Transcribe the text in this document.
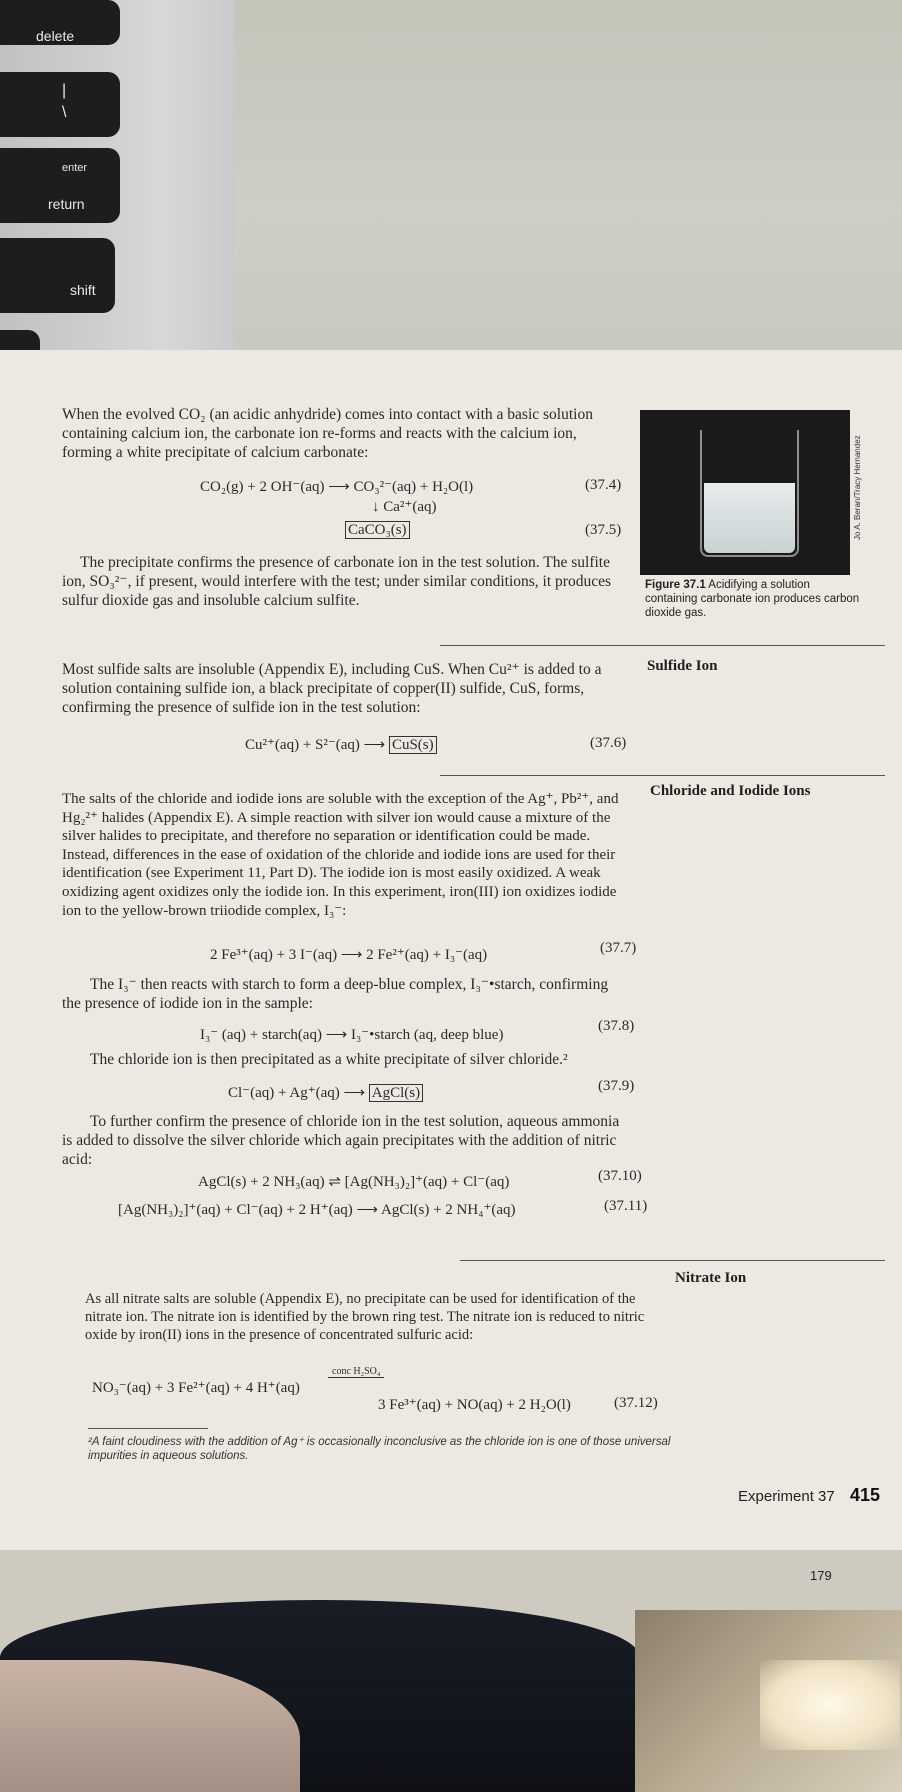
delete
|
\
enter
return
shift
When the evolved CO₂ (an acidic anhydride) comes into contact with a basic solution containing calcium ion, the carbonate ion re-forms and reacts with the calcium ion, forming a white precipitate of calcium carbonate:
CO₂(g) + 2 OH⁻(aq) ⟶ CO₃²⁻(aq) + H₂O(l)	(37.4)
↓ Ca²⁺(aq)
CaCO₃(s)	(37.5)
The precipitate confirms the presence of carbonate ion in the test solution. The sulfite ion, SO₃²⁻, if present, would interfere with the test; under similar conditions, it produces sulfur dioxide gas and insoluble calcium sulfite.
Jo A. Beran/Tracy Hernandez
Figure 37.1 Acidifying a solution containing carbonate ion produces carbon dioxide gas.
Sulfide Ion
Most sulfide salts are insoluble (Appendix E), including CuS. When Cu²⁺ is added to a solution containing sulfide ion, a black precipitate of copper(II) sulfide, CuS, forms, confirming the presence of sulfide ion in the test solution:
Cu²⁺(aq) + S²⁻(aq) ⟶ CuS(s)	(37.6)
Chloride and Iodide Ions
The salts of the chloride and iodide ions are soluble with the exception of the Ag⁺, Pb²⁺, and Hg₂²⁺ halides (Appendix E). A simple reaction with silver ion would cause a mixture of the silver halides to precipitate, and therefore no separation or identification could be made. Instead, differences in the ease of oxidation of the chloride and iodide ions are used for their identification (see Experiment 11, Part D). The iodide ion is most easily oxidized. A weak oxidizing agent oxidizes only the iodide ion. In this experiment, iron(III) ion oxidizes iodide ion to the yellow-brown triiodide complex, I₃⁻:
2 Fe³⁺(aq) + 3 I⁻(aq) ⟶ 2 Fe²⁺(aq) + I₃⁻(aq)	(37.7)
The I₃⁻ then reacts with starch to form a deep-blue complex, I₃⁻•starch, confirming the presence of iodide ion in the sample:
I₃⁻ (aq) + starch(aq) ⟶ I₃⁻•starch (aq, deep blue)
(37.8)
The chloride ion is then precipitated as a white precipitate of silver chloride.²
Cl⁻(aq) + Ag⁺(aq) ⟶ AgCl(s)	(37.9)
To further confirm the presence of chloride ion in the test solution, aqueous ammonia is added to dissolve the silver chloride which again precipitates with the addition of nitric acid:
AgCl(s) + 2 NH₃(aq) ⇌ [Ag(NH₃)₂]⁺(aq) + Cl⁻(aq)	(37.10)
[Ag(NH₃)₂]⁺(aq) + Cl⁻(aq) + 2 H⁺(aq) ⟶ AgCl(s) + 2 NH₄⁺(aq)	(37.11)
Nitrate Ion
As all nitrate salts are soluble (Appendix E), no precipitate can be used for identification of the nitrate ion. The nitrate ion is identified by the brown ring test. The nitrate ion is reduced to nitric oxide by iron(II) ions in the presence of concentrated sulfuric acid:
NO₃⁻(aq) + 3 Fe²⁺(aq) + 4 H⁺(aq)
conc H₂SO₄
3 Fe³⁺(aq) + NO(aq) + 2 H₂O(l)	(37.12)
²A faint cloudiness with the addition of Ag⁺ is occasionally inconclusive as the chloride ion is one of those universal impurities in aqueous solutions.
Experiment 37 415
179
